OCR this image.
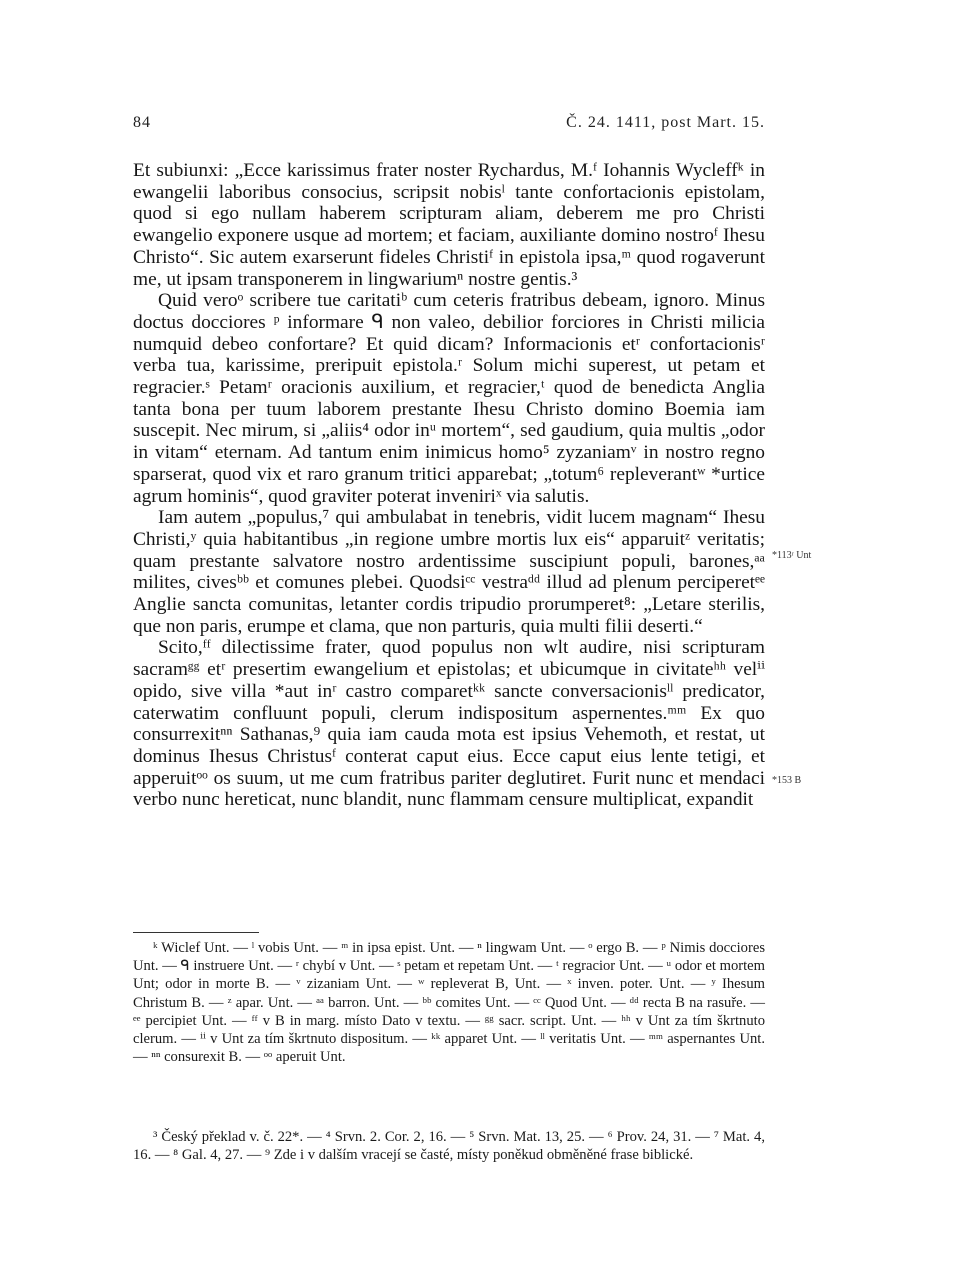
84	Č. 24. 1411, post Mart. 15.

Et subiunxi: „Ecce karissimus frater noster Rychardus, M.ᶠ Iohannis Wycleffᵏ in ewangelii laboribus consocius, scripsit nobisˡ tante confortacionis epistolam, quod si ego nullam haberem scripturam aliam, deberem me pro Christi ewangelio exponere usque ad mortem; et faciam, auxiliante domino nostroᶠ Ihesu Christo“. Sic autem exarserunt fideles Christiᶠ in epistola ipsa,ᵐ quod rogaverunt me, ut ipsam transponerem in lingwariumⁿ nostre gentis.³

Quid veroᵒ scribere tue caritatiᵇ cum ceteris fratribus debeam, ignoro. Minus doctus docciores ᵖ informare ᑫ non valeo, debilior forciores in Christi milicia numquid debeo confortare? Et quid dicam? Informacionis etʳ confortacionisʳ verba tua, karissime, preripuit epistola.ʳ Solum michi superest, ut petam et regracier.ˢ Petamʳ oracionis auxilium, et regracier,ᵗ quod de benedicta Anglia tanta bona per tuum laborem prestante Ihesu Christo domino Boemia iam suscepit. Nec mirum, si „aliis⁴ odor inᵘ mortem“, sed gaudium, quia multis „odor in vitam“ eternam. Ad tantum enim inimicus homo⁵ zyzaniamᵛ in nostro regno sparserat, quod vix et raro granum tritici apparebat; „totum⁶ repleverantʷ *urtice agrum hominis“, quod graviter poterat inveniriˣ via salutis.

Iam autem „populus,⁷ qui ambulabat in tenebris, vidit lucem magnam“ Ihesu Christi,ʸ quia habitantibus „in regione umbre mortis lux eis“ apparuitᶻ veritatis; quam prestante salvatore nostro ardentissime suscipiunt populi, barones,ᵃᵃ milites, civesᵇᵇ et comunes plebei. Quodsiᶜᶜ vestraᵈᵈ illud ad plenum perciperetᵉᵉ Anglie sancta comunitas, letanter cordis tripudio prorumperet⁸: „Letare sterilis, que non paris, erumpe et clama, que non parturis, quia multi filii deserti.“

Scito,ᶠᶠ dilectissime frater, quod populus non wlt audire, nisi scripturam sacramᵍᵍ etʳ presertim ewangelium et epistolas; et ubicumque in civitateʰʰ velⁱⁱ opido, sive villa *aut inʳ castro comparetᵏᵏ sancte conversacionisˡˡ predicator, caterwatim confluunt populi, clerum indispositum aspernentes.ᵐᵐ Ex quo consurrexitⁿⁿ Sathanas,⁹ quia iam cauda mota est ipsius Vehemoth, et restat, ut dominus Ihesus Christusᶠ conterat caput eius. Ecce caput eius lente tetigi, et apperuitᵒᵒ os suum, ut me cum fratribus pariter deglutiret. Furit nunc et mendaci verbo nunc hereticat, nunc blandit, nunc flammam censure multiplicat, expandit

*113ʳ Unt
*153 B

ᵏ Wiclef Unt. — ˡ vobis Unt. — ᵐ in ipsa epist. Unt. — ⁿ lingwam Unt. — ᵒ ergo B. — ᵖ Nimis docciores Unt. — ᑫ instruere Unt. — ʳ chybí v Unt. — ˢ petam et repetam Unt. — ᵗ regracior Unt. — ᵘ odor et mortem Unt; odor in morte B. — ᵛ zizaniam Unt. — ʷ repleverat B, Unt. — ˣ inven. poter. Unt. — ʸ Ihesum Christum B. — ᶻ apar. Unt. — ᵃᵃ barron. Unt. — ᵇᵇ comites Unt. — ᶜᶜ Quod Unt. — ᵈᵈ recta B na rasuře. — ᵉᵉ percipiet Unt. — ᶠᶠ v B in marg. místo Dato v textu. — ᵍᵍ sacr. script. Unt. — ʰʰ v Unt za tím škrtnuto clerum. — ⁱⁱ v Unt za tím škrtnuto dispositum. — ᵏᵏ apparet Unt. — ˡˡ veritatis Unt. — ᵐᵐ aspernantes Unt. — ⁿⁿ consurexit B. — ᵒᵒ aperuit Unt.

³ Český překlad v. č. 22*. — ⁴ Srvn. 2. Cor. 2, 16. — ⁵ Srvn. Mat. 13, 25. — ⁶ Prov. 24, 31. — ⁷ Mat. 4, 16. — ⁸ Gal. 4, 27. — ⁹ Zde i v dalším vracejí se časté, místy poněkud obměněné frase biblické.
